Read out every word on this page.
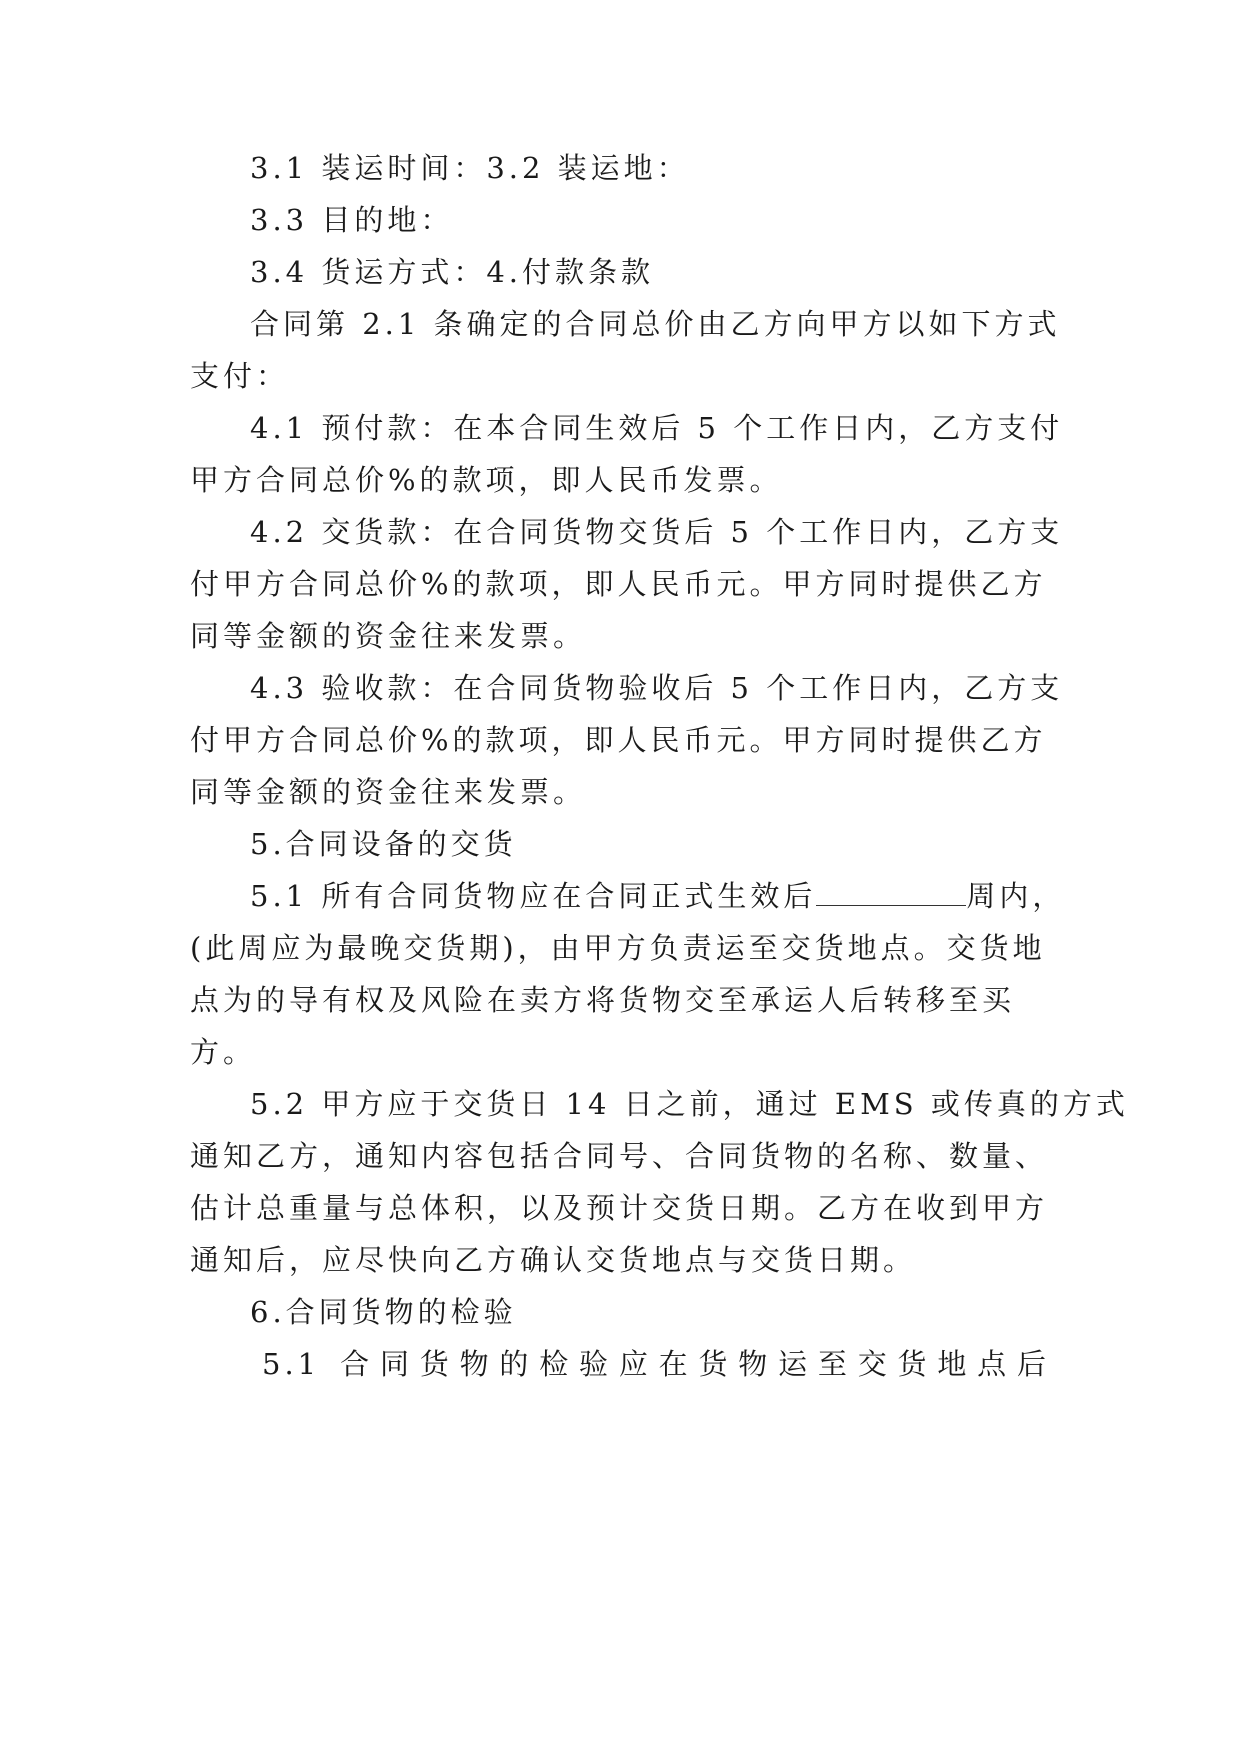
3.1 装运时间：3.2 装运地：
3.3 目的地：
3.4 货运方式：4.付款条款
合同第 2.1 条确定的合同总价由乙方向甲方以如下方式
支付：
4.1 预付款：在本合同生效后 5 个工作日内，乙方支付
甲方合同总价%的款项，即人民币发票。
4.2 交货款：在合同货物交货后 5 个工作日内，乙方支
付甲方合同总价%的款项，即人民币元。甲方同时提供乙方
同等金额的资金往来发票。
4.3 验收款：在合同货物验收后 5 个工作日内，乙方支
付甲方合同总价%的款项，即人民币元。甲方同时提供乙方
同等金额的资金往来发票。
5.合同设备的交货
5.1 所有合同货物应在合同正式生效后	周内，
(此周应为最晚交货期)，由甲方负责运至交货地点。交货地
点为的导有权及风险在卖方将货物交至承运人后转移至买
方。
5.2 甲方应于交货日 14 日之前，通过 EMS 或传真的方式
通知乙方，通知内容包括合同号、合同货物的名称、数量、
估计总重量与总体积，以及预计交货日期。乙方在收到甲方
通知后，应尽快向乙方确认交货地点与交货日期。
6.合同货物的检验
5.1 合同货物的检验应在货物运至交货地点后
